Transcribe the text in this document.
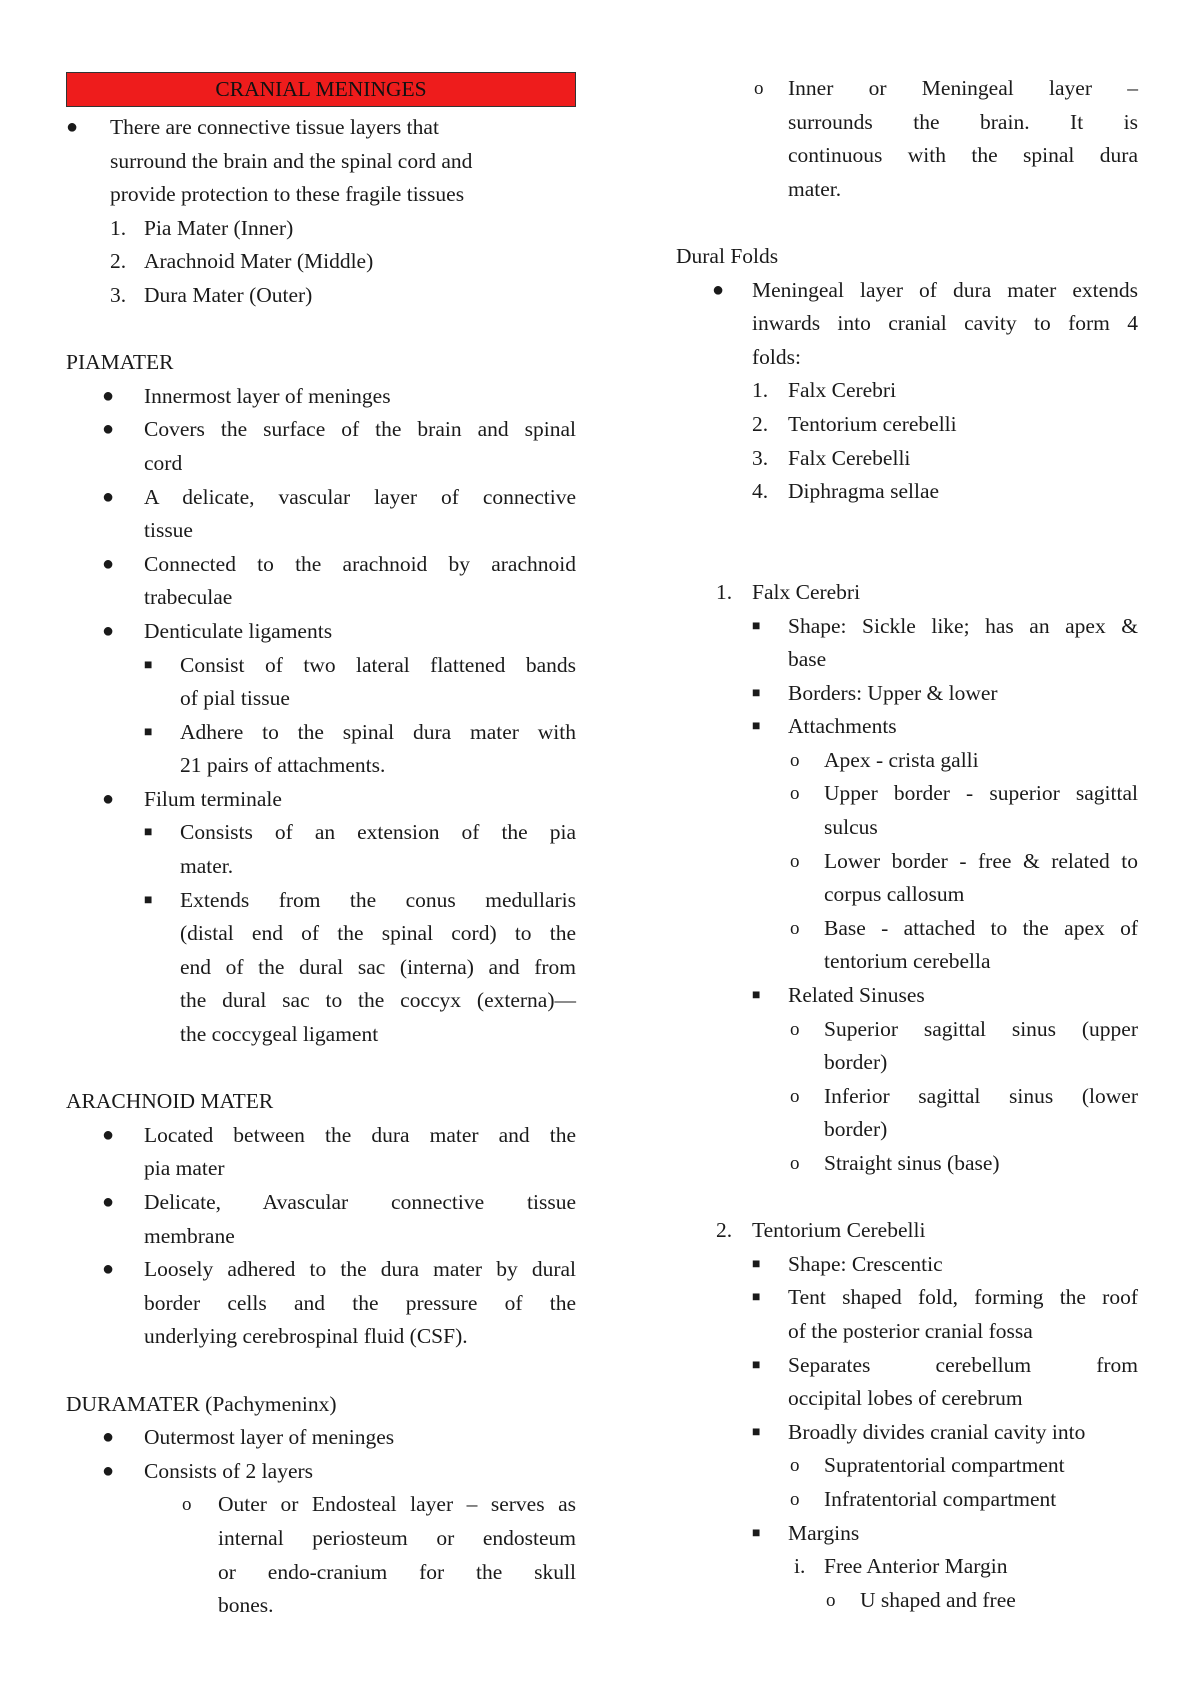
CRANIAL MENINGES
● There are connective tissue layers that
surround the brain and the spinal cord and
provide protection to these fragile tissues
1. Pia Mater (Inner)
2. Arachnoid Mater (Middle)
3. Dura Mater (Outer)
PIAMATER
● Innermost layer of meninges
● Covers the surface of the brain and spinal
cord
● A delicate, vascular layer of connective
tissue
● Connected to the arachnoid by arachnoid
trabeculae
● Denticulate ligaments
■ Consist of two lateral flattened bands
of pial tissue
■ Adhere to the spinal dura mater with
21 pairs of attachments.
● Filum terminale
■ Consists of an extension of the pia
mater.
■ Extends from the conus medullaris
(distal end of the spinal cord) to the
end of the dural sac (interna) and from
the dural sac to the coccyx (externa)—
the coccygeal ligament
ARACHNOID MATER
● Located between the dura mater and the
pia mater
● Delicate, Avascular connective tissue
membrane
● Loosely adhered to the dura mater by dural
border cells and the pressure of the
underlying cerebrospinal fluid (CSF).
DURAMATER (Pachymeninx)
● Outermost layer of meninges
● Consists of 2 layers
o Outer or Endosteal layer – serves as
internal periosteum or endosteum
or endo-cranium for the skull
bones.
o Inner or Meningeal layer –
surrounds the brain. It is
continuous with the spinal dura
mater.
Dural Folds
● Meningeal layer of dura mater extends
inwards into cranial cavity to form 4
folds:
1. Falx Cerebri
2. Tentorium cerebelli
3. Falx Cerebelli
4. Diphragma sellae
1. Falx Cerebri
■ Shape: Sickle like; has an apex &
base
■ Borders: Upper & lower
■ Attachments
o Apex - crista galli
o Upper border - superior sagittal
sulcus
o Lower border - free & related to
corpus callosum
o Base - attached to the apex of
tentorium cerebella
■ Related Sinuses
o Superior sagittal sinus (upper
border)
o Inferior sagittal sinus (lower
border)
o Straight sinus (base)
2. Tentorium Cerebelli
■ Shape: Crescentic
■ Tent shaped fold, forming the roof
of the posterior cranial fossa
■ Separates cerebellum from
occipital lobes of cerebrum
■ Broadly divides cranial cavity into
o Supratentorial compartment
o Infratentorial compartment
■ Margins
i. Free Anterior Margin
o U shaped and free
